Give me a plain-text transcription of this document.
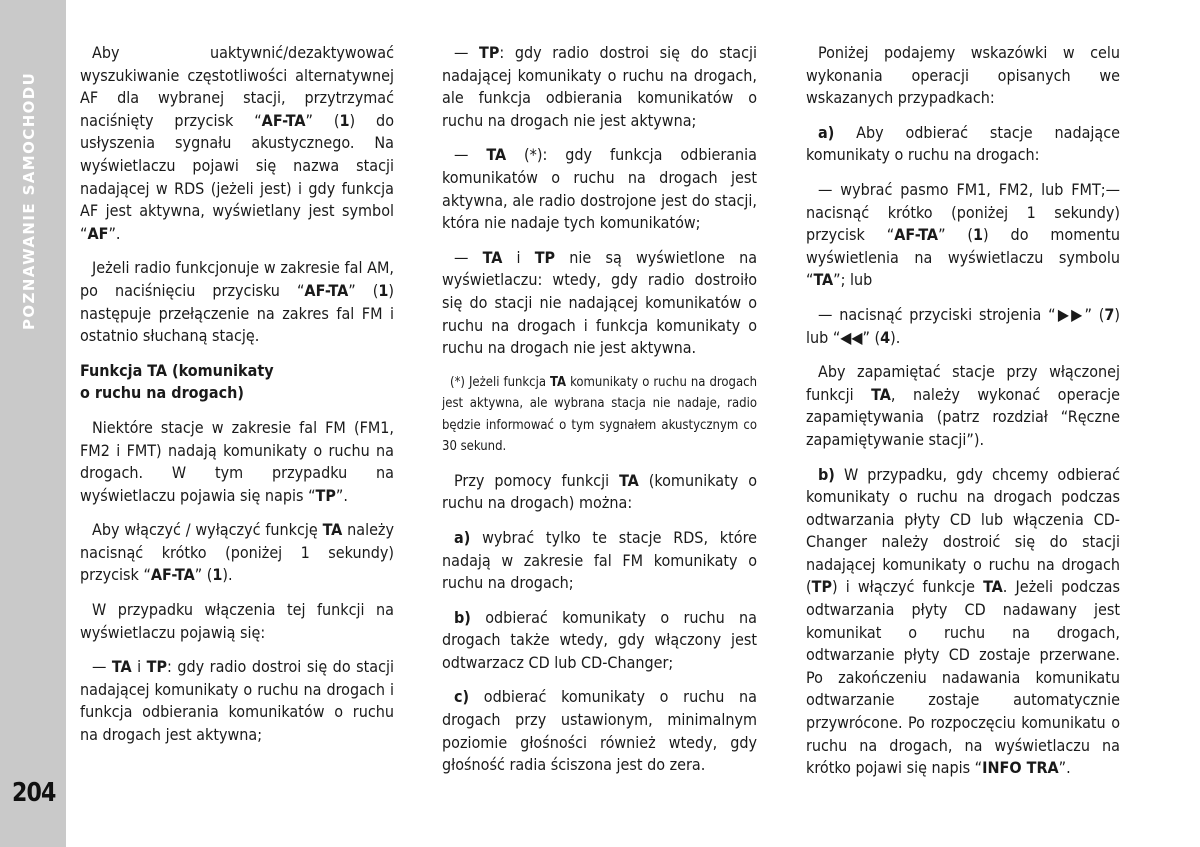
POZNAWANIE SAMOCHODU
204

Aby uaktywnić/dezaktywować wyszukiwanie częstotliwości alternatywnej AF dla wybranej stacji, przytrzymać naciśnięty przycisk “AF-TA” (1) do usłyszenia sygnału akustycznego. Na wyświetlaczu pojawi się nazwa stacji nadającej w RDS (jeżeli jest) i gdy funkcja AF jest aktywna, wyświetlany jest symbol “AF”.

Jeżeli radio funkcjonuje w zakresie fal AM, po naciśnięciu przycisku “AF-TA” (1) następuje przełączenie na zakres fal FM i ostatnio słuchaną stację.

Funkcja TA (komunikaty
o ruchu na drogach)

Niektóre stacje w zakresie fal FM (FM1, FM2 i FMT) nadają komunikaty o ruchu na drogach. W tym przypadku na wyświetlaczu pojawia się napis “TP”.

Aby włączyć / wyłączyć funkcję TA należy nacisnąć krótko (poniżej 1 sekundy) przycisk “AF-TA” (1).

W przypadku włączenia tej funkcji na wyświetlaczu pojawią się:

— TA i TP: gdy radio dostroi się do stacji nadającej komunikaty o ruchu na drogach i funkcja odbierania komunikatów o ruchu na drogach jest aktywna;

— TP: gdy radio dostroi się do stacji nadającej komunikaty o ruchu na drogach, ale funkcja odbierania komunikatów o ruchu na drogach nie jest aktywna;

— TA (*): gdy funkcja odbierania komunikatów o ruchu na drogach jest aktywna, ale radio dostrojone jest do stacji, która nie nadaje tych komunikatów;

— TA i TP nie są wyświetlone na wyświetlaczu: wtedy, gdy radio dostroiło się do stacji nie nadającej komunikatów o ruchu na drogach i funkcja komunikaty o ruchu na drogach nie jest aktywna.

(*) Jeżeli funkcja TA komunikaty o ruchu na drogach jest aktywna, ale wybrana stacja nie nadaje, radio będzie informować o tym sygnałem akustycznym co 30 sekund.

Przy pomocy funkcji TA (komunikaty o ruchu na drogach) można:

a) wybrać tylko te stacje RDS, które nadają w zakresie fal FM komunikaty o ruchu na drogach;

b) odbierać komunikaty o ruchu na drogach także wtedy, gdy włączony jest odtwarzacz CD lub CD-Changer;

c) odbierać komunikaty o ruchu na drogach przy ustawionym, minimalnym poziomie głośności również wtedy, gdy głośność radia ściszona jest do zera.

Poniżej podajemy wskazówki w celu wykonania operacji opisanych we wskazanych przypadkach:

a) Aby odbierać stacje nadające komunikaty o ruchu na drogach:

— wybrać pasmo FM1, FM2, lub FMT;— nacisnąć krótko (poniżej 1 sekundy) przycisk “AF-TA” (1) do momentu wyświetlenia na wyświetlaczu symbolu “TA”; lub

— nacisnąć przyciski strojenia “▶▶” (7) lub “◀◀” (4).

Aby zapamiętać stacje przy włączonej funkcji TA, należy wykonać operacje zapamiętywania (patrz rozdział “Ręczne zapamiętywanie stacji”).

b) W przypadku, gdy chcemy odbierać komunikaty o ruchu na drogach podczas odtwarzania płyty CD lub włączenia CD-Changer należy dostroić się do stacji nadającej komunikaty o ruchu na drogach (TP) i włączyć funkcje TA. Jeżeli podczas odtwarzania płyty CD nadawany jest komunikat o ruchu na drogach, odtwarzanie płyty CD zostaje przerwane. Po zakończeniu nadawania komunikatu odtwarzanie zostaje automatycznie przywrócone. Po rozpoczęciu komunikatu o ruchu na drogach, na wyświetlaczu na krótko pojawi się napis “INFO TRA”.
